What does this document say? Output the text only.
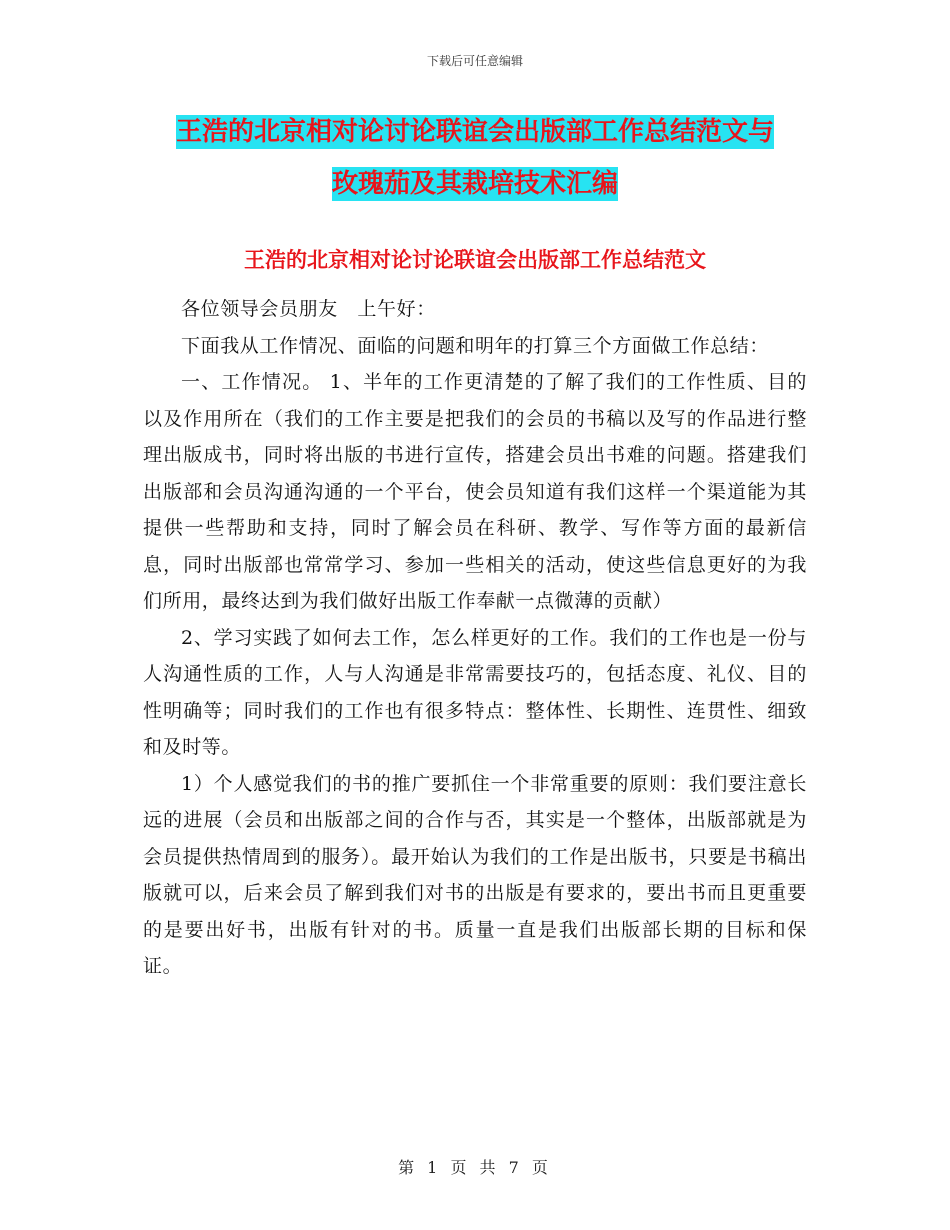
下载后可任意编辑
王浩的北京相对论讨论联谊会出版部工作总结范文与
玫瑰茄及其栽培技术汇编
王浩的北京相对论讨论联谊会出版部工作总结范文

各位领导会员朋友　上午好：

下面我从工作情况、面临的问题和明年的打算三个方面做工作总结：

一、工作情况。 1、半年的工作更清楚的了解了我们的工作性质、目的以及作用所在（我们的工作主要是把我们的会员的书稿以及写的作品进行整理出版成书，同时将出版的书进行宣传，搭建会员出书难的问题。搭建我们出版部和会员沟通沟通的一个平台，使会员知道有我们这样一个渠道能为其提供一些帮助和支持，同时了解会员在科研、教学、写作等方面的最新信息，同时出版部也常常学习、参加一些相关的活动，使这些信息更好的为我们所用，最终达到为我们做好出版工作奉献一点微薄的贡献）

2、学习实践了如何去工作，怎么样更好的工作。我们的工作也是一份与人沟通性质的工作，人与人沟通是非常需要技巧的，包括态度、礼仪、目的性明确等；同时我们的工作也有很多特点：整体性、长期性、连贯性、细致和及时等。

1）个人感觉我们的书的推广要抓住一个非常重要的原则：我们要注意长远的进展（会员和出版部之间的合作与否，其实是一个整体，出版部就是为会员提供热情周到的服务）。最开始认为我们的工作是出版书，只要是书稿出版就可以，后来会员了解到我们对书的出版是有要求的，要出书而且更重要的是要出好书，出版有针对的书。质量一直是我们出版部长期的目标和保证。

第 1 页 共 7 页
